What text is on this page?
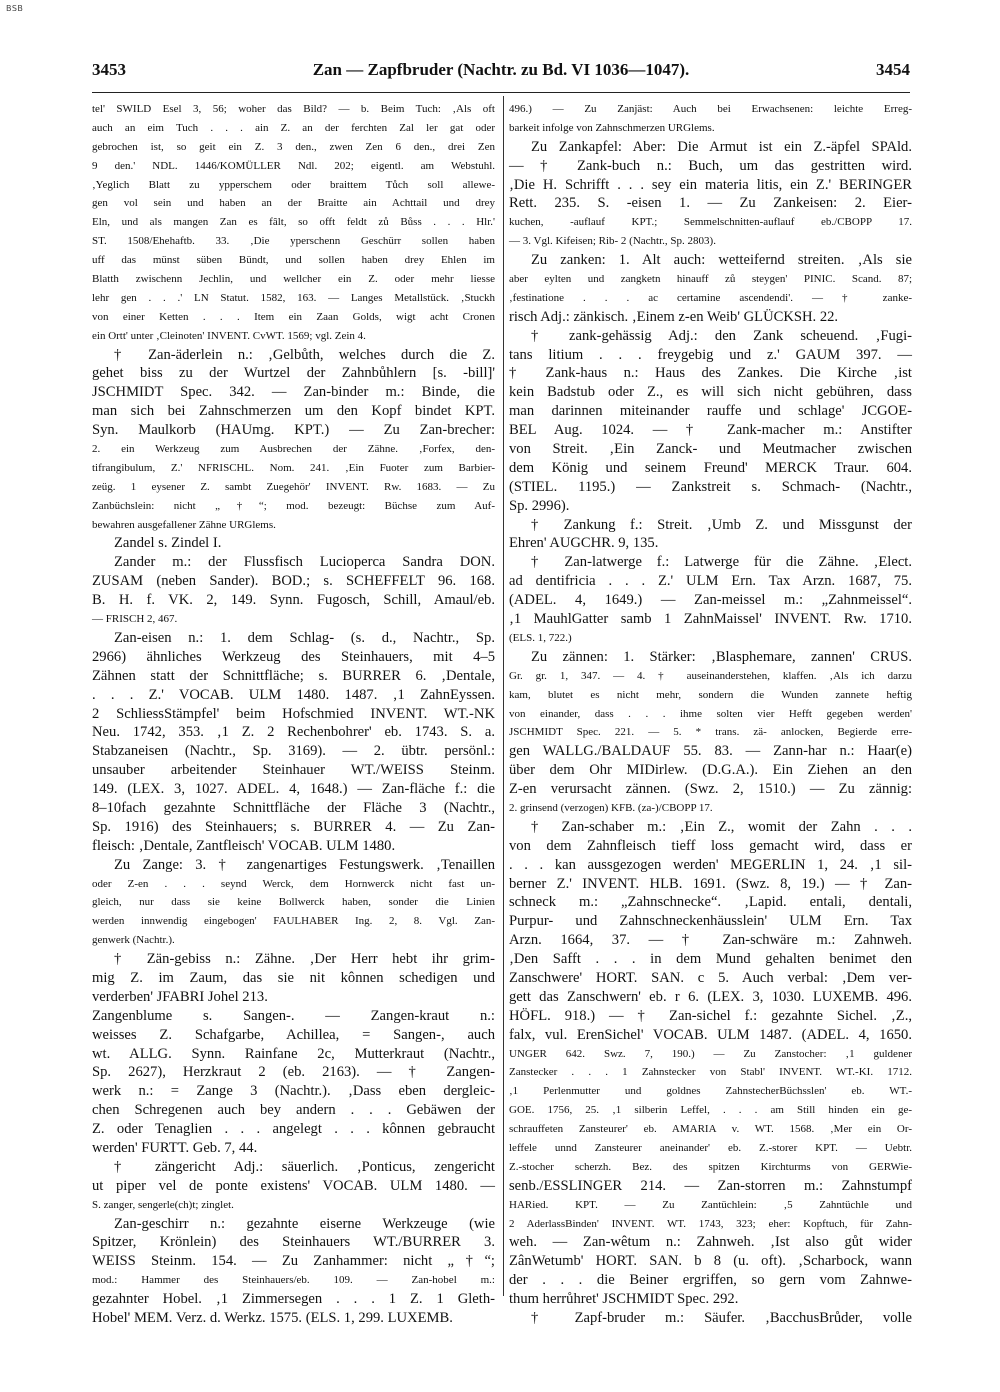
BSB
3453	Zan — Zapfbruder (Nachtr. zu Bd. VI 1036—1047).	3454
tel' SWILD Esel 3, 56; woher das Bild? — b. Beim Tuch: ‚Als oft
auch an eim Tuch . . . ain Z. an der ferchten Zal ler gat oder
gebrochen ist, so geit ein Z. 3 den., zwen Zen 6 den., drei Zen
9 den.' NDL. 1446/KOMÜLLER Ndl. 202; eigentl. am Webstuhl.
‚Yeglich Blatt zu ypperschem oder braittem Tůch soll allewe-
gen vol sein und haben an der Braitte ain Achttail und drey
Eln, und als mangen Zan es fâlt, so offt feldt zů Bůss . . . Hlr.'
ST. 1508/Ehehaftb. 33. ‚Die yperschenn Geschürr sollen haben
uff das münst süben Bündt, und sollen haben drey Ehlen im
Blatth zwischenn Jechlin, und wellcher ein Z. oder mehr liesse
lehr gen . . .' LN Statut. 1582, 163. — Langes Metallstück. ‚Stuckh
von einer Ketten . . . Item ein Zaan Golds, wigt acht Cronen
ein Ortt' unter ‚Cleinoten' INVENT. CvWT. 1569; vgl. Zein 4.
† Zan-äderlein n.: ‚Gelbůth, welches durch die Z.
gehet biss zu der Wurtzel der Zahnbůhlern [s. -bill]'
JSCHMIDT Spec. 342. — Zan-binder m.: Binde, die
man sich bei Zahnschmerzen um den Kopf bindet KPT.
Syn. Maulkorb (HAUmg. KPT.) — Zu Zan-brecher:
2. ein Werkzeug zum Ausbrechen der Zähne. ‚Forfex, den-
tifrangibulum, Z.' NFRISCHL. Nom. 241. ‚Ein Fuoter zum Barbier-
zeüg. 1 eysener Z. sambt Zuegehör' INVENT. Rw. 1683. — Zu
Zanbüchslein: nicht „†“; mod. bezeugt: Büchse zum Auf-
bewahren ausgefallener Zähne URGlems.
Zandel s. Zindel I.
Zander m.: der Flussfisch Lucioperca Sandra DON.
ZUSAM (neben Sander). BOD.; s. SCHEFFELT 96. 168.
B. H. f. VK. 2, 149. Synn. Fugosch, Schill, Amaul/eb.
— FRISCH 2, 467.
Zan-eisen n.: 1. dem Schlag- (s. d., Nachtr., Sp.
2966) ähnliches Werkzeug des Steinhauers, mit 4–5
Zähnen statt der Schnittfläche; s. BURRER 6. ‚Dentale,
. . . Z.' VOCAB. ULM 1480. 1487. ‚1 ZahnEyssen.
2 SchliessStämpfel' beim Hofschmied INVENT. WT.-NK
Neu. 1742, 353. ‚1 Z. 2 Rechenbohrer' eb. 1743. S. a.
Stabzaneisen (Nachtr., Sp. 3169). — 2. übtr. persönl.:
unsauber arbeitender Steinhauer WT./WEISS Steinm.
149. (LEX. 3, 1027. ADEL. 4, 1648.) — Zan-fläche f.: die
8–10fach gezahnte Schnittfläche der Fläche 3 (Nachtr.,
Sp. 1916) des Steinhauers; s. BURRER 4. — Zu Zan-
fleisch: ‚Dentale, Zantfleisch' VOCAB. ULM 1480.
Zu Zange: 3. † zangenartiges Festungswerk. ‚Tenaillen
oder Z-en . . . seynd Werck, dem Hornwerck nicht fast un-
gleich, nur dass sie keine Bollwerck haben, sonder die Linien
werden innwendig eingebogen' FAULHABER Ing. 2, 8. Vgl. Zan-
genwerk (Nachtr.).
† Zän-gebiss n.: Zähne. ‚Der Herr hebt ihr grim-
mig Z. im Zaum, das sie nit kônnen schedigen und
verderben' JFABRI Johel 213.
Zangenblume s. Sangen-. — Zangen-kraut n.:
weisses Z. Schafgarbe, Achillea, = Sangen-, auch
wt. ALLG. Synn. Rainfane 2c, Mutterkraut (Nachtr.,
Sp. 2627), Herzkraut 2 (eb. 2163). — † Zangen-
werk n.: = Zange 3 (Nachtr.). ‚Dass eben dergleic-
chen Schregenen auch bey andern . . . Gebäwen der
Z. oder Tenaglien . . . angelegt . . . kônnen gebraucht
werden' FURTT. Geb. 7, 44.
† zängericht Adj.: säuerlich. ‚Ponticus, zengericht
ut piper vel de ponte existens' VOCAB. ULM 1480. —
S. zanger, sengerle(ch)t; zinglet.
Zan-geschirr n.: gezahnte eiserne Werkzeuge (wie
Spitzer, Krönlein) des Steinhauers WT./BURRER 3.
WEISS Steinm. 154. — Zu Zanhammer: nicht „†“;
mod.: Hammer des Steinhauers/eb. 109. — Zan-hobel m.:
gezahnter Hobel. ‚1 Zimmersegen . . . 1 Z. 1 Gleth-
Hobel' MEM. Verz. d. Werkz. 1575. (ELS. 1, 299. LUXEMB.
496.) — Zu Zanjäst: Auch bei Erwachsenen: leichte Erreg-
barkeit infolge von Zahnschmerzen URGlems.
Zu Zankapfel: Aber: Die Armut ist ein Z.-äpfel SPAld.
— † Zank-buch n.: Buch, um das gestritten wird.
‚Die H. Schrifft . . . sey ein materia litis, ein Z.' BERINGER
Rett. 235. S. -eisen 1. — Zu Zankeisen: 2. Eier-
kuchen, -auflauf KPT.; Semmelschnitten-auflauf eb./CBOPP 17.
— 3. Vgl. Kifeisen; Rib- 2 (Nachtr., Sp. 2803).
Zu zanken: 1. Alt auch: wetteifernd streiten. ‚Als sie
aber eylten und zangketn hinauff zů steygen' PINIC. Scand. 87;
‚festinatione . . . ac certamine ascendendi'. — † zanke-
risch Adj.: zänkisch. ‚Einem z-en Weib' GLÜCKSH. 22.
† zank-gehässig Adj.: den Zank scheuend. ‚Fugi-
tans litium . . . freygebig und z.' GAUM 397. —
† Zank-haus n.: Haus des Zankes. Die Kirche ‚ist
kein Badstub oder Z., es will sich nicht gebühren, dass
man darinnen miteinander rauffe und schlage' JCGOE-
BEL Aug. 1024. — † Zank-macher m.: Anstifter
von Streit. ‚Ein Zanck- und Meutmacher zwischen
dem König und seinem Freund' MERCK Traur. 604.
(STIEL. 1195.) — Zankstreit s. Schmach- (Nachtr.,
Sp. 2996).
† Zankung f.: Streit. ‚Umb Z. und Missgunst der
Ehren' AUGCHR. 9, 135.
† Zan-latwerge f.: Latwerge für die Zähne. ‚Elect.
ad dentifricia . . . Z.' ULM Ern. Tax Arzn. 1687, 75.
(ADEL. 4, 1649.) — Zan-meissel m.: „Zahnmeissel“.
‚1 MauhlGatter samb 1 ZahnMaissel' INVENT. Rw. 1710.
(ELS. 1, 722.)
Zu zännen: 1. Stärker: ‚Blasphemare, zannen' CRUS.
Gr. gr. 1, 347. — 4. † auseinanderstehen, klaffen. ‚Als ich darzu
kam, blutet es nicht mehr, sondern die Wunden zannete heftig
von einander, dass . . . ihme solten vier Hefft gegeben werden'
JSCHMIDT Spec. 221. — 5. * trans. zä- anlocken, Begierde erre-
gen WALLG./BALDAUF 55. 83. — Zann-har n.: Haar(e)
über dem Ohr MIDirlew. (D.G.A.). Ein Ziehen an den
Z-en verursacht zännen. (Swz. 2, 1510.) — Zu zännig:
2. grinsend (verzogen) KFB. (za-)/CBOPP 17.
† Zan-schaber m.: ‚Ein Z., womit der Zahn . . .
von dem Zahnfleisch tieff loss gemacht wird, dass er
. . . kan aussgezogen werden' MEGERLIN 1, 24. ‚1 sil-
berner Z.' INVENT. HLB. 1691. (Swz. 8, 19.) — † Zan-
schneck m.: „Zahnschnecke“. ‚Lapid. entali, dentali,
Purpur- und Zahnschneckenhäusslein' ULM Ern. Tax
Arzn. 1664, 37. — † Zan-schwäre m.: Zahnweh.
‚Den Safft . . . in dem Mund gehalten benimet den
Zanschwere' HORT. SAN. c 5. Auch verbal: ‚Dem ver-
gett das Zanschwern' eb. r 6. (LEX. 3, 1030. LUXEMB. 496.
HÖFL. 918.) — † Zan-sichel f.: gezahnte Sichel. ‚Z.,
falx, vul. ErenSichel' VOCAB. ULM 1487. (ADEL. 4, 1650.
UNGER 642. Swz. 7, 190.) — Zu Zanstocher: ‚1 guldener
Zanstecker . . . 1 Zahnstecker von Stabl' INVENT. WT.-KI. 1712.
‚1 Perlenmutter und goldnes ZahnstecherBüchsslen' eb. WT.-
GOE. 1756, 25. ‚1 silberin Leffel, . . . am Still hinden ein ge-
schrauffeten Zansteurer' eb. AMARIA v. WT. 1568. ‚Mer ein Or-
leffele unnd Zansteurer aneinander' eb. Z.-storer KPT. — Uebtr.
Z.-stocher scherzh. Bez. des spitzen Kirchturms von GERWie-
senb./ESSLINGER 214. — Zan-storren m.: Zahnstumpf
HARied. KPT. — Zu Zantüchlein: ‚5 Zahntüchle und
2 AderlassBinden' INVENT. WT. 1743, 323; eher: Kopftuch, für Zahn-
weh. — Zan-wêtum n.: Zahnweh. ‚Ist also gůt wider
ZânWetumb' HORT. SAN. b 8 (u. oft). ‚Scharbock, wann
der . . . die Beiner ergriffen, so gern vom Zahnwe-
thum herrůhret' JSCHMIDT Spec. 292.
† Zapf-bruder m.: Säufer. ‚BacchusBrůder, volle
